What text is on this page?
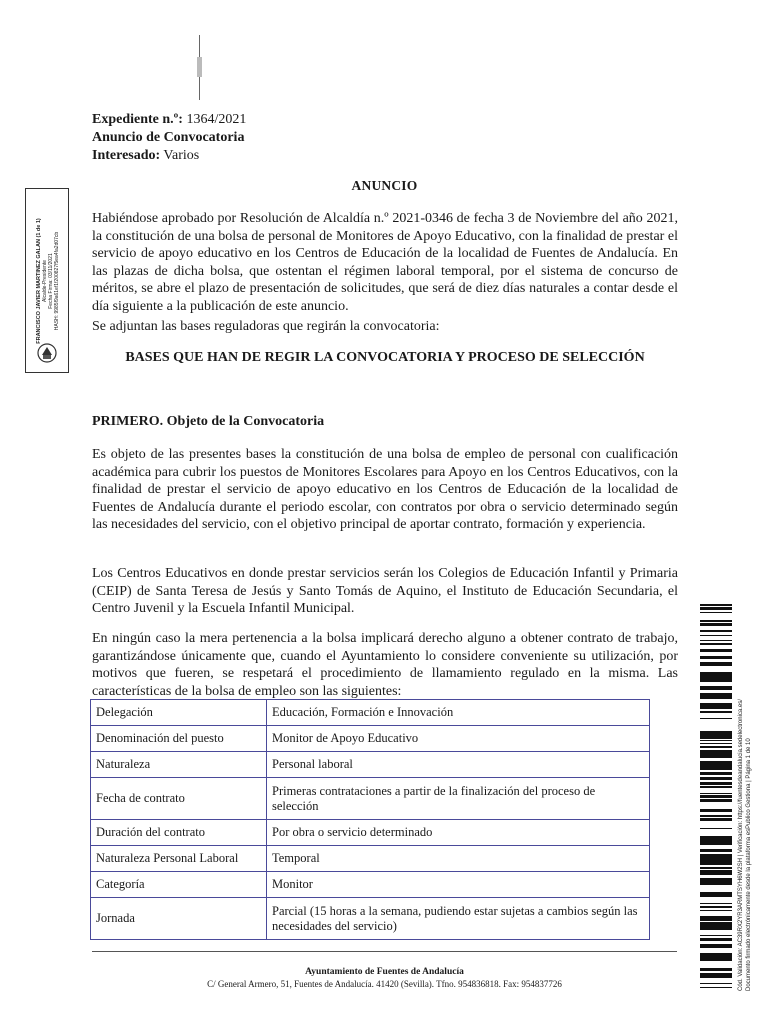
FRANCISCO JAVIER MARTINEZ GALAN (1 de 1) Alcalde-Presidente Fecha Firma: 03/11/2021 HASH: 9985f9a61ef1f200827f5ea4fa2d07cb
Expediente n.º: 1364/2021
Anuncio de Convocatoria
Interesado: Varios
ANUNCIO
Habiéndose aprobado por Resolución de Alcaldía n.º 2021-0346 de fecha 3 de Noviembre del año 2021, la constitución de una bolsa de personal de Monitores de Apoyo Educativo, con la finalidad de prestar el servicio de apoyo educativo en los Centros de Educación de la localidad de Fuentes de Andalucía. En las plazas de dicha bolsa, que ostentan el régimen laboral temporal, por el sistema de concurso de méritos, se abre el plazo de presentación de solicitudes, que será de diez días naturales a contar desde el día siguiente a la publicación de este anuncio.
Se adjuntan las bases reguladoras que regirán la convocatoria:
BASES QUE HAN DE REGIR LA CONVOCATORIA Y PROCESO DE SELECCIÓN
PRIMERO. Objeto de la Convocatoria
Es objeto de las presentes bases la constitución de una bolsa de empleo de personal con cualificación académica para cubrir los puestos de Monitores Escolares para Apoyo en los Centros Educativos, con la finalidad de prestar el servicio de apoyo educativo en los Centros de Educación de la localidad de Fuentes de Andalucía durante el periodo escolar, con contratos por obra o servicio determinado según las necesidades del servicio, con el objetivo principal de aportar contrato, formación y experiencia.
Los Centros Educativos en donde prestar servicios serán los Colegios de Educación Infantil y Primaria (CEIP) de Santa Teresa de Jesús y Santo Tomás de Aquino, el Instituto de Educación Secundaria, el Centro Juvenil y la Escuela Infantil Municipal.
En ningún caso la mera pertenencia a la bolsa implicará derecho alguno a obtener contrato de trabajo, garantizándose únicamente que, cuando el Ayuntamiento lo considere conveniente su utilización, por motivos que fueren, se respetará el procedimiento de llamamiento regulado en la misma. Las características de la bolsa de empleo son las siguientes:
Delegación	Educación, Formación e Innovación
Denominación del puesto	Monitor de Apoyo Educativo
Naturaleza	Personal laboral
Fecha de contrato	Primeras contrataciones a partir de la finalización del proceso de selección
Duración del contrato	Por obra o servicio determinado
Naturaleza Personal Laboral	Temporal
Categoría	Monitor
Jornada	Parcial (15 horas a la semana, pudiendo estar sujetas a cambios según las necesidades del servicio)
Ayuntamiento de Fuentes de Andalucía
C/ General Armero, 51, Fuentes de Andalucía. 41420 (Sevilla). Tfno. 954836818. Fax: 954837726	Cód. Validación: AC39RX2YR3ARMTSYH6W2SH | Verificación: https://fuentesdeandalucia.sedelectronica.es/ Documento firmado electrónicamente desde la plataforma esPublico Gestiona | Página 1 de 10
